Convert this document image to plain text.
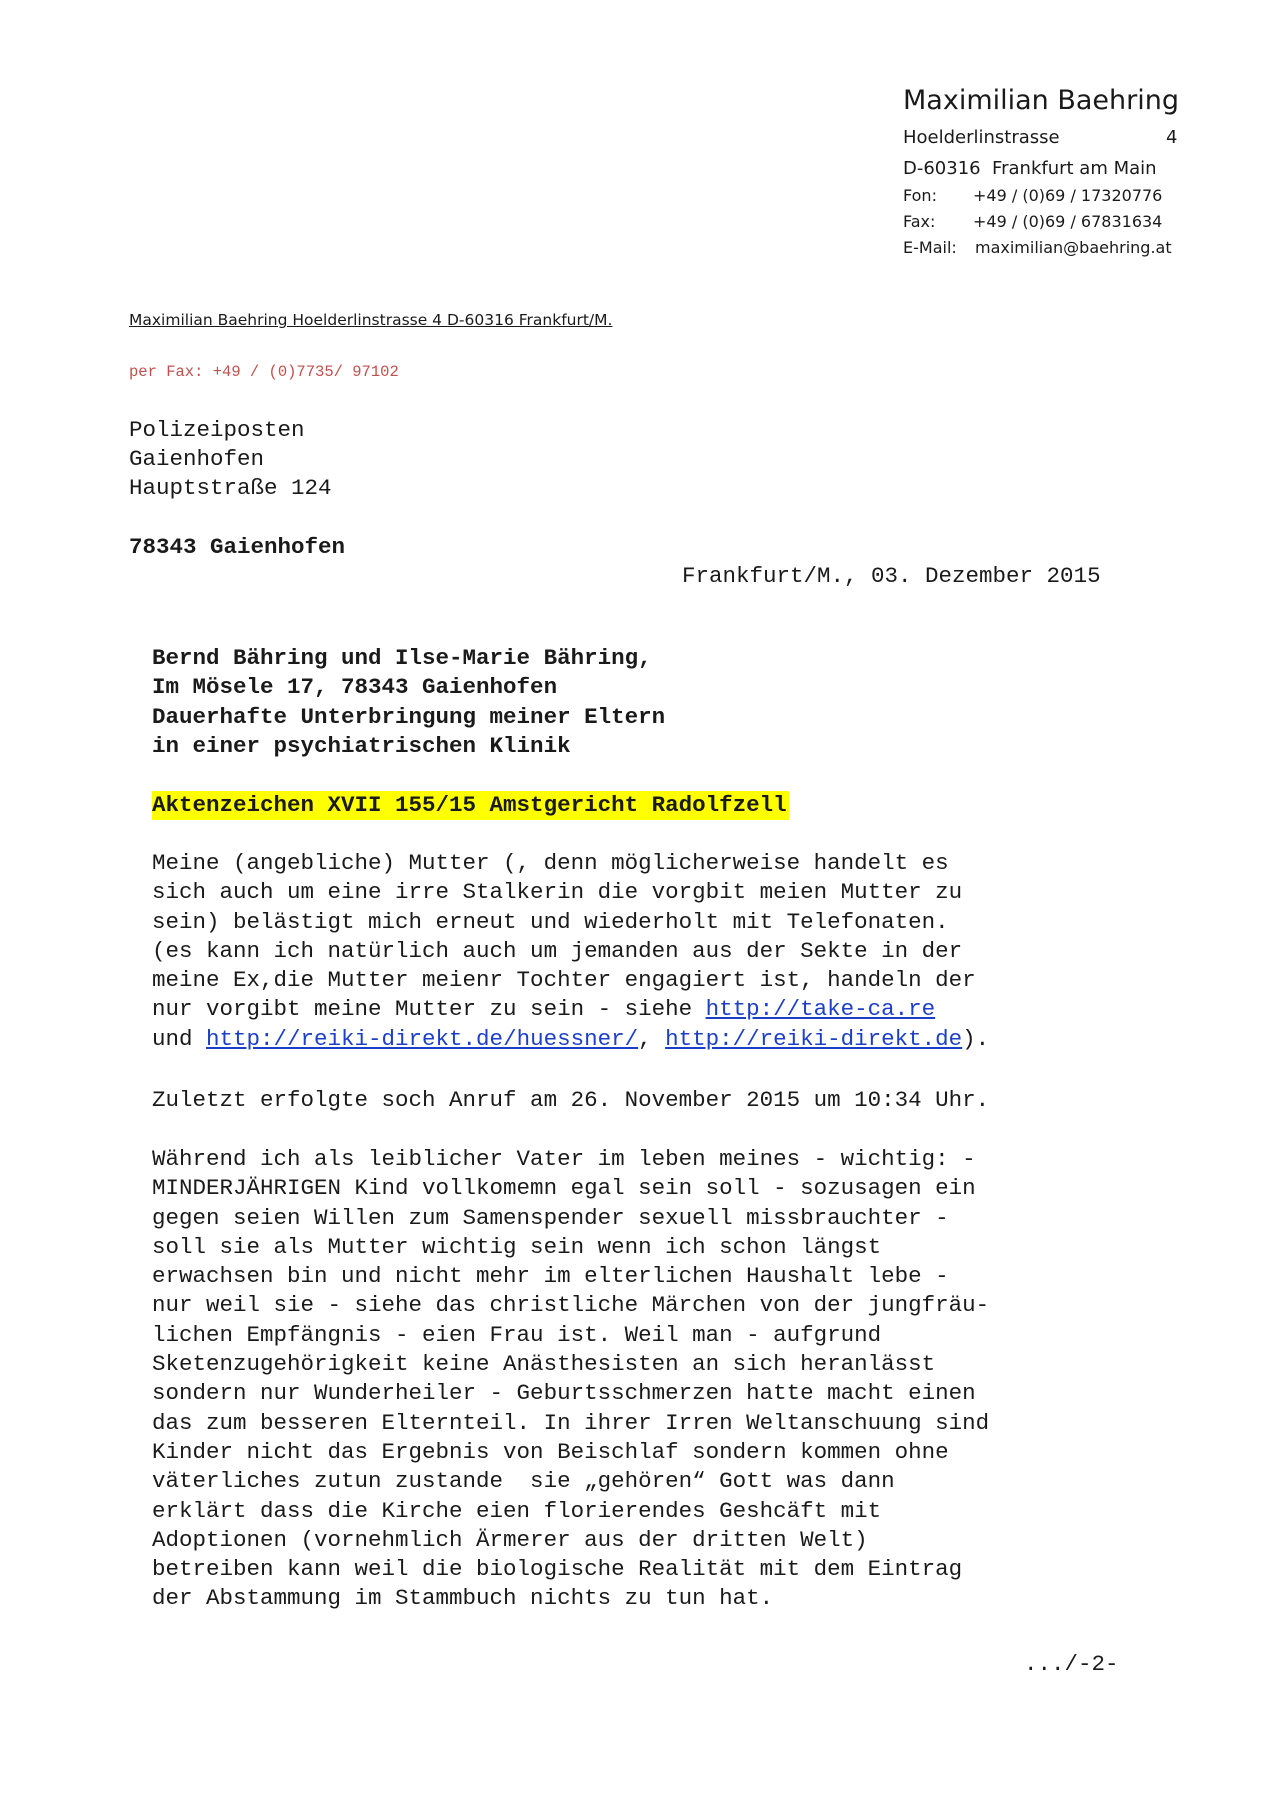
Maximilian Baehring
Hoelderlinstrasse	4
D-60316  Frankfurt am Main
Fon: +49 / (0)69 / 17320776
Fax: +49 / (0)69 / 67831634
E-Mail: maximilian@baehring.at
Maximilian Baehring Hoelderlinstrasse 4 D-60316 Frankfurt/M.
per Fax: +49 / (0)7735/ 97102
Polizeiposten
Gaienhofen
Hauptstraße 124
78343 Gaienhofen
Frankfurt/M., 03. Dezember 2015
Bernd Bähring und Ilse-Marie Bähring,
Im Mösele 17, 78343 Gaienhofen
Dauerhafte Unterbringung meiner Eltern
in einer psychiatrischen Klinik
Aktenzeichen XVII 155/15 Amstgericht Radolfzell
Meine (angebliche) Mutter (, denn möglicherweise handelt es
sich auch um eine irre Stalkerin die vorgbit meien Mutter zu
sein) belästigt mich erneut und wiederholt mit Telefonaten.
(es kann ich natürlich auch um jemanden aus der Sekte in der
meine Ex,die Mutter meienr Tochter engagiert ist, handeln der
nur vorgibt meine Mutter zu sein - siehe http://take-ca.re
und http://reiki-direkt.de/huessner/, http://reiki-direkt.de).
Zuletzt erfolgte soch Anruf am 26. November 2015 um 10:34 Uhr.
Während ich als leiblicher Vater im leben meines - wichtig: -
MINDERJÄHRIGEN Kind vollkomemn egal sein soll - sozusagen ein
gegen seien Willen zum Samenspender sexuell missbrauchter -
soll sie als Mutter wichtig sein wenn ich schon längst
erwachsen bin und nicht mehr im elterlichen Haushalt lebe -
nur weil sie - siehe das christliche Märchen von der jungfräu-
lichen Empfängnis - eien Frau ist. Weil man - aufgrund
Sketenzugehörigkeit keine Anästhesisten an sich heranlässt
sondern nur Wunderheiler - Geburtsschmerzen hatte macht einen
das zum besseren Elternteil. In ihrer Irren Weltanschuung sind
Kinder nicht das Ergebnis von Beischlaf sondern kommen ohne
väterliches zutun zustande  sie „gehören“ Gott was dann
erklärt dass die Kirche eien florierendes Geshcäft mit
Adoptionen (vornehmlich Ärmerer aus der dritten Welt)
betreiben kann weil die biologische Realität mit dem Eintrag
der Abstammung im Stammbuch nichts zu tun hat.
.../-2-
